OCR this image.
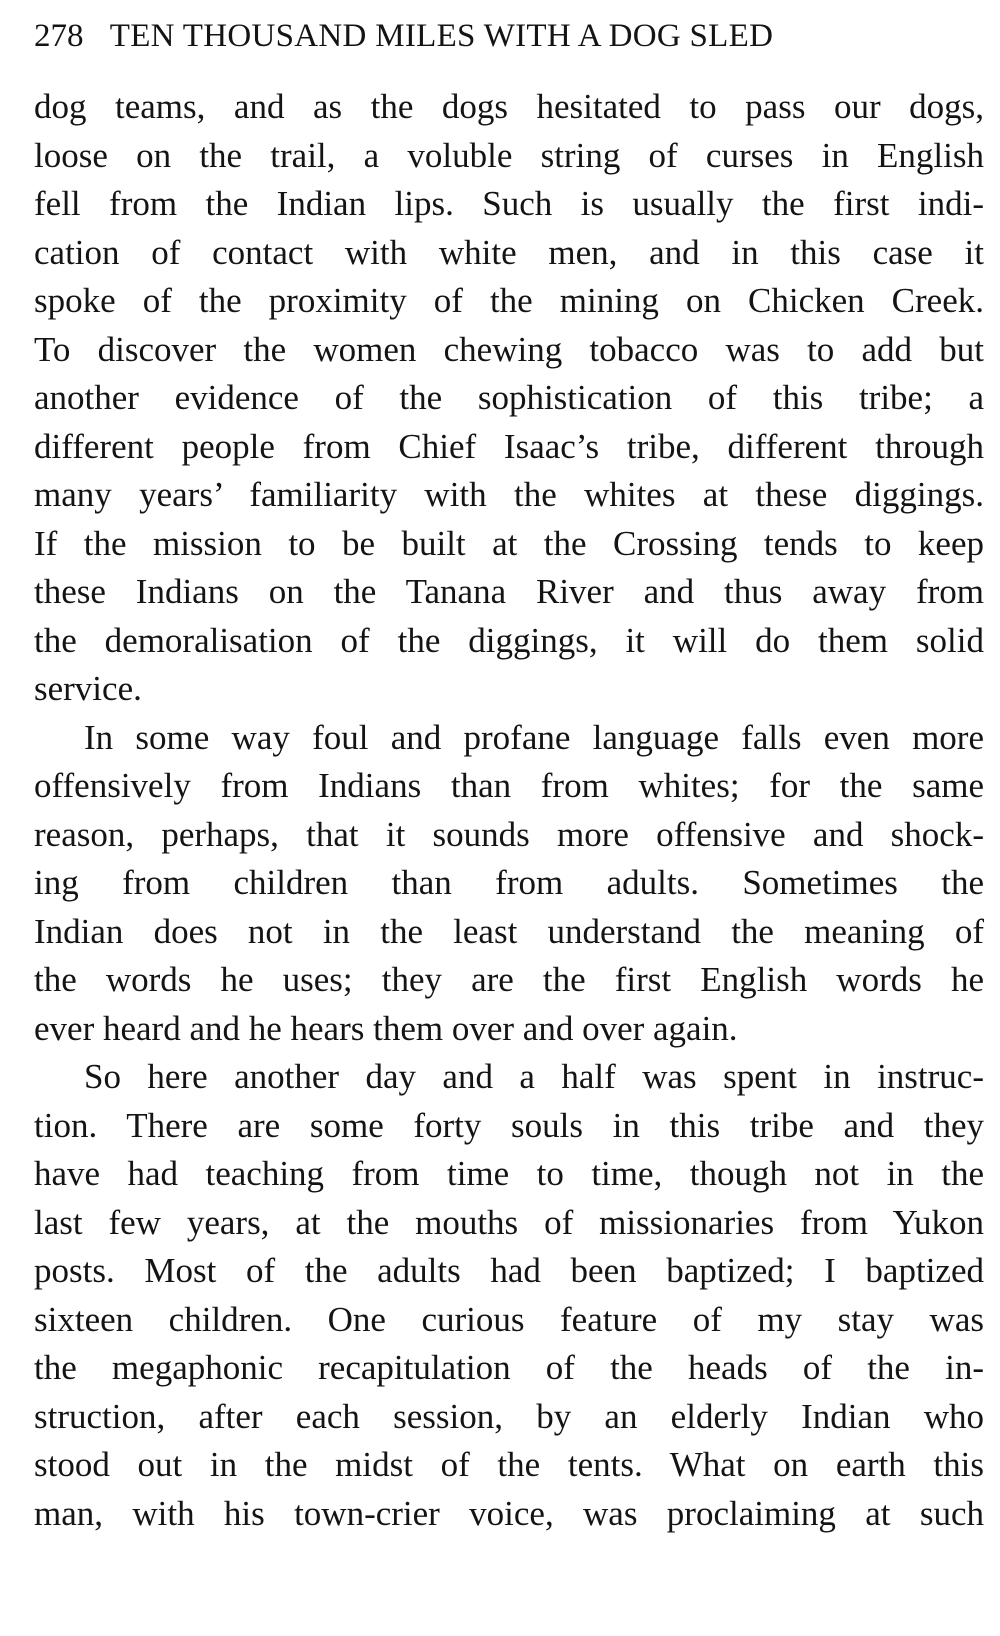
278 TEN THOUSAND MILES WITH A DOG SLED
dog teams, and as the dogs hesitated to pass our dogs,
loose on the trail, a voluble string of curses in English
fell from the Indian lips. Such is usually the first indi-
cation of contact with white men, and in this case it
spoke of the proximity of the mining on Chicken Creek.
To discover the women chewing tobacco was to add but
another evidence of the sophistication of this tribe; a
different people from Chief Isaac’s tribe, different through
many years’ familiarity with the whites at these diggings.
If the mission to be built at the Crossing tends to keep
these Indians on the Tanana River and thus away from
the demoralisation of the diggings, it will do them solid
service.
In some way foul and profane language falls even more
offensively from Indians than from whites; for the same
reason, perhaps, that it sounds more offensive and shock-
ing from children than from adults. Sometimes the
Indian does not in the least understand the meaning of
the words he uses; they are the first English words he
ever heard and he hears them over and over again.
So here another day and a half was spent in instruc-
tion. There are some forty souls in this tribe and they
have had teaching from time to time, though not in the
last few years, at the mouths of missionaries from Yukon
posts. Most of the adults had been baptized; I baptized
sixteen children. One curious feature of my stay was
the megaphonic recapitulation of the heads of the in-
struction, after each session, by an elderly Indian who
stood out in the midst of the tents. What on earth this
man, with his town-crier voice, was proclaiming at such
